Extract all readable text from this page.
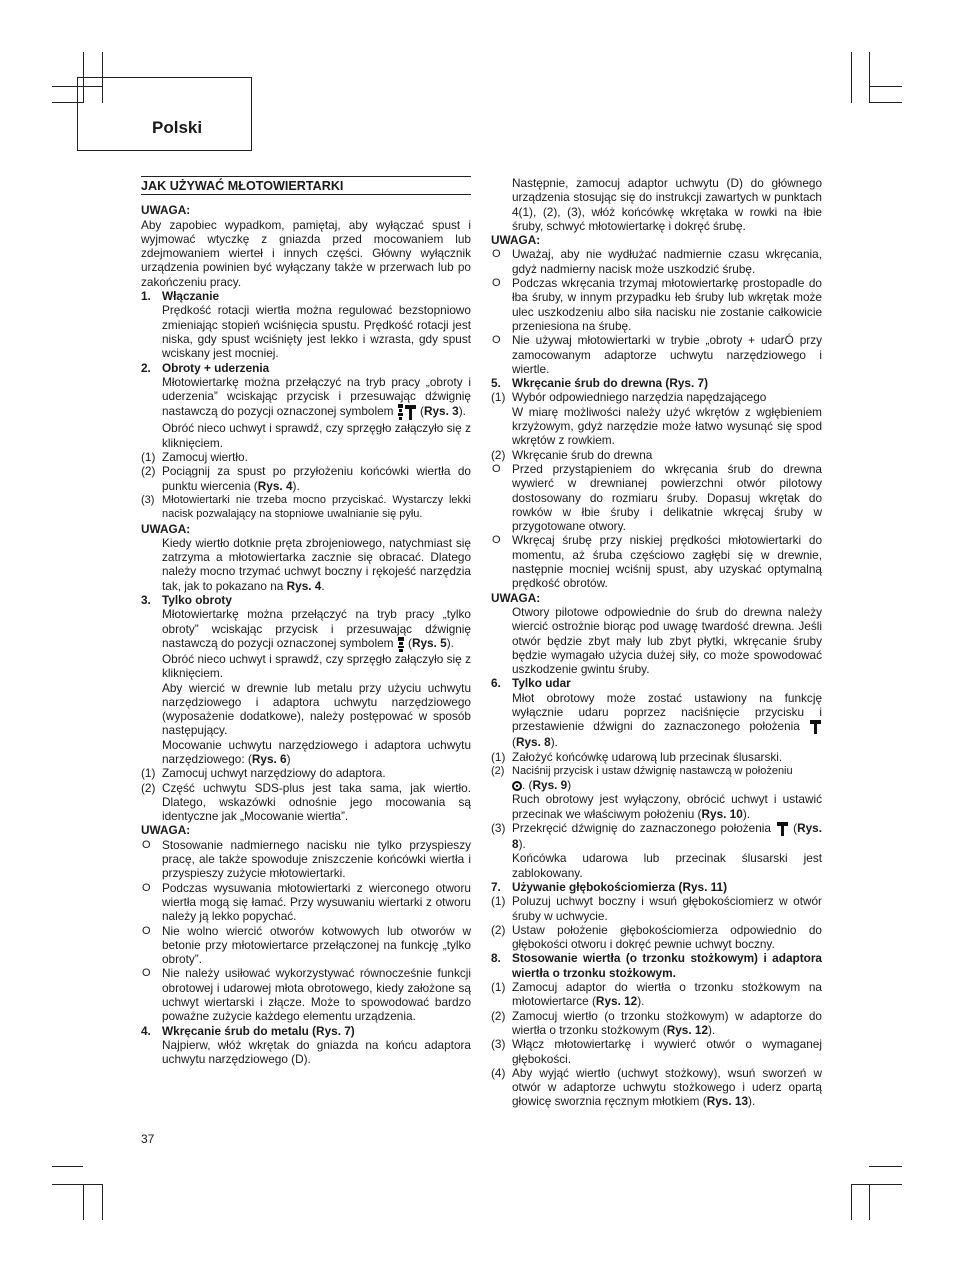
Polski
JAK UŻYWAĆ MŁOTOWIERTARKI
UWAGA:

Aby zapobiec wypadkom, pamiętaj, aby wyłączać spust i wyjmować wtyczkę z gniazda przed mocowaniem lub zdejmowaniem wierteł i innych części. Główny wyłącznik urządzenia powinien być wyłączany także w przerwach lub po zakończeniu pracy.

1. Włączanie
Prędkość rotacji wiertła można regulować bezstopniowo zmieniając stopień wciśnięcia spustu. Prędkość rotacji jest niska, gdy spust wciśnięty jest lekko i wzrasta, gdy spust wciskany jest mocniej.
2. Obroty + uderzenia
Młotowiertarkę można przełączyć na tryb pracy „obroty i uderzenia” wciskając przycisk i przesuwając dźwignię nastawczą do pozycji oznaczonej symbolem  (Rys. 3).
Obróć nieco uchwyt i sprawdź, czy sprzęgło załączyło się z kliknięciem.
(1) Zamocuj wiertło.
(2) Pociągnij za spust po przyłożeniu końcówki wiertła do punktu wiercenia (Rys. 4).
(3) Młotowiertarki nie trzeba mocno przyciskać. Wystarczy lekki nacisk pozwalający na stopniowe uwalnianie się pyłu.
UWAGA:
Kiedy wiertło dotknie pręta zbrojeniowego, natychmiast się zatrzyma a młotowiertarka zacznie się obracać. Dlatego należy mocno trzymać uchwyt boczny i rękojeść narzędzia tak, jak to pokazano na Rys. 4.
3. Tylko obroty
Młotowiertarkę można przełączyć na tryb pracy „tylko obroty” wciskając przycisk i przesuwając dźwignię nastawczą do pozycji oznaczonej symbolem  (Rys. 5).
Obróć nieco uchwyt i sprawdź, czy sprzęgło załączyło się z kliknięciem.
Aby wiercić w drewnie lub metalu przy użyciu uchwytu narzędziowego i adaptora uchwytu narzędziowego (wyposażenie dodatkowe), należy postępować w sposób następujący.
Mocowanie uchwytu narzędziowego i adaptora uchwytu narzędziowego: (Rys. 6)
(1) Zamocuj uchwyt narzędziowy do adaptora.
(2) Część uchwytu SDS-plus jest taka sama, jak wiertło. Dlatego, wskazówki odnośnie jego mocowania są identyczne jak „Mocowanie wiertła”.
UWAGA:
O Stosowanie nadmiernego nacisku nie tylko przyspieszy pracę, ale także spowoduje zniszczenie końcówki wiertła i przyspieszy zużycie młotowiertarki.
O Podczas wysuwania młotowiertarki z wierconego otworu wiertła mogą się łamać. Przy wysuwaniu wiertarki z otworu należy ją lekko popychać.
O Nie wolno wiercić otworów kotwowych lub otworów w betonie przy młotowiertarce przełączonej na funkcję „tylko obroty”.
O Nie należy usiłować wykorzystywać równocześnie funkcji obrotowej i udarowej młota obrotowego, kiedy założone są uchwyt wiertarski i złącze. Może to spowodować bardzo poważne zużycie każdego elementu urządzenia.
4. Wkręcanie śrub do metalu (Rys. 7)
Najpierw, włóż wkrętak do gniazda na końcu adaptora uchwytu narzędziowego (D).
Następnie, zamocuj adaptor uchwytu (D) do głównego urządzenia stosując się do instrukcji zawartych w punktach 4(1), (2), (3), włóż końcówkę wkrętaka w rowki na łbie śruby, schwyć młotowiertarkę i dokręć śrubę.
UWAGA:
O Uważaj, aby nie wydłużać nadmiernie czasu wkręcania, gdyż nadmierny nacisk może uszkodzić śrubę.
O Podczas wkręcania trzymaj młotowiertarkę prostopadle do łba śruby, w innym przypadku łeb śruby lub wkrętak może ulec uszkodzeniu albo siła nacisku nie zostanie całkowicie przeniesiona na śrubę.
O Nie używaj młotowiertarki w trybie „obroty + udarÓ przy zamocowanym adaptorze uchwytu narzędziowego i wiertle.
5. Wkręcanie śrub do drewna (Rys. 7)
(1) Wybór odpowiedniego narzędzia napędzającego
W miarę możliwości należy użyć wkrętów z wgłębieniem krzyżowym, gdyż narzędzie może łatwo wysunąć się spod wkrętów z rowkiem.
(2) Wkręcanie śrub do drewna
O Przed przystąpieniem do wkręcania śrub do drewna wywierć w drewnianej powierzchni otwór pilotowy dostosowany do rozmiaru śruby. Dopasuj wkrętak do rowków w łbie śruby i delikatnie wkręcaj śruby w przygotowane otwory.
O Wkręcaj śrubę przy niskiej prędkości młotowiertarki do momentu, aż śruba częściowo zagłębi się w drewnie, następnie mocniej wciśnij spust, aby uzyskać optymalną prędkość obrotów.
UWAGA:
Otwory pilotowe odpowiednie do śrub do drewna należy wiercić ostrożnie biorąc pod uwagę twardość drewna. Jeśli otwór będzie zbyt mały lub zbyt płytki, wkręcanie śruby będzie wymagało użycia dużej siły, co może spowodować uszkodzenie gwintu śruby.
6. Tylko udar
Młot obrotowy może zostać ustawiony na funkcję wyłącznie udaru poprzez naciśnięcie przycisku i przestawienie dźwigni do zaznaczonego położenia  (Rys. 8).
(1) Założyć końcówkę udarową lub przecinak ślusarski.
(2) Naciśnij przycisk i ustaw dźwignię nastawczą w położeniu
. (Rys. 9)
Ruch obrotowy jest wyłączony, obrócić uchwyt i ustawić przecinak we właściwym położeniu (Rys. 10).
(3) Przekręcić dźwignię do zaznaczonego położenia  (Rys. 8).
Końcówka udarowa lub przecinak ślusarski jest zablokowany.
7. Używanie głębokościomierza (Rys. 11)
(1) Poluzuj uchwyt boczny i wsuń głębokościomierz w otwór śruby w uchwycie.
(2) Ustaw położenie głębokościomierza odpowiednio do głębokości otworu i dokręć pewnie uchwyt boczny.
8. Stosowanie wiertła (o trzonku stożkowym) i adaptora wiertła o trzonku stożkowym.
(1) Zamocuj adaptor do wiertła o trzonku stożkowym na młotowiertarce (Rys. 12).
(2) Zamocuj wiertło (o trzonku stożkowym) w adaptorze do wiertła o trzonku stożkowym (Rys. 12).
(3) Włącz młotowiertarkę i wywierć otwór o wymaganej głębokości.
(4) Aby wyjąć wiertło (uchwyt stożkowy), wsuń sworzeń w otwór w adaptorze uchwytu stożkowego i uderz opartą głowicę sworznia ręcznym młotkiem (Rys. 13).
37
